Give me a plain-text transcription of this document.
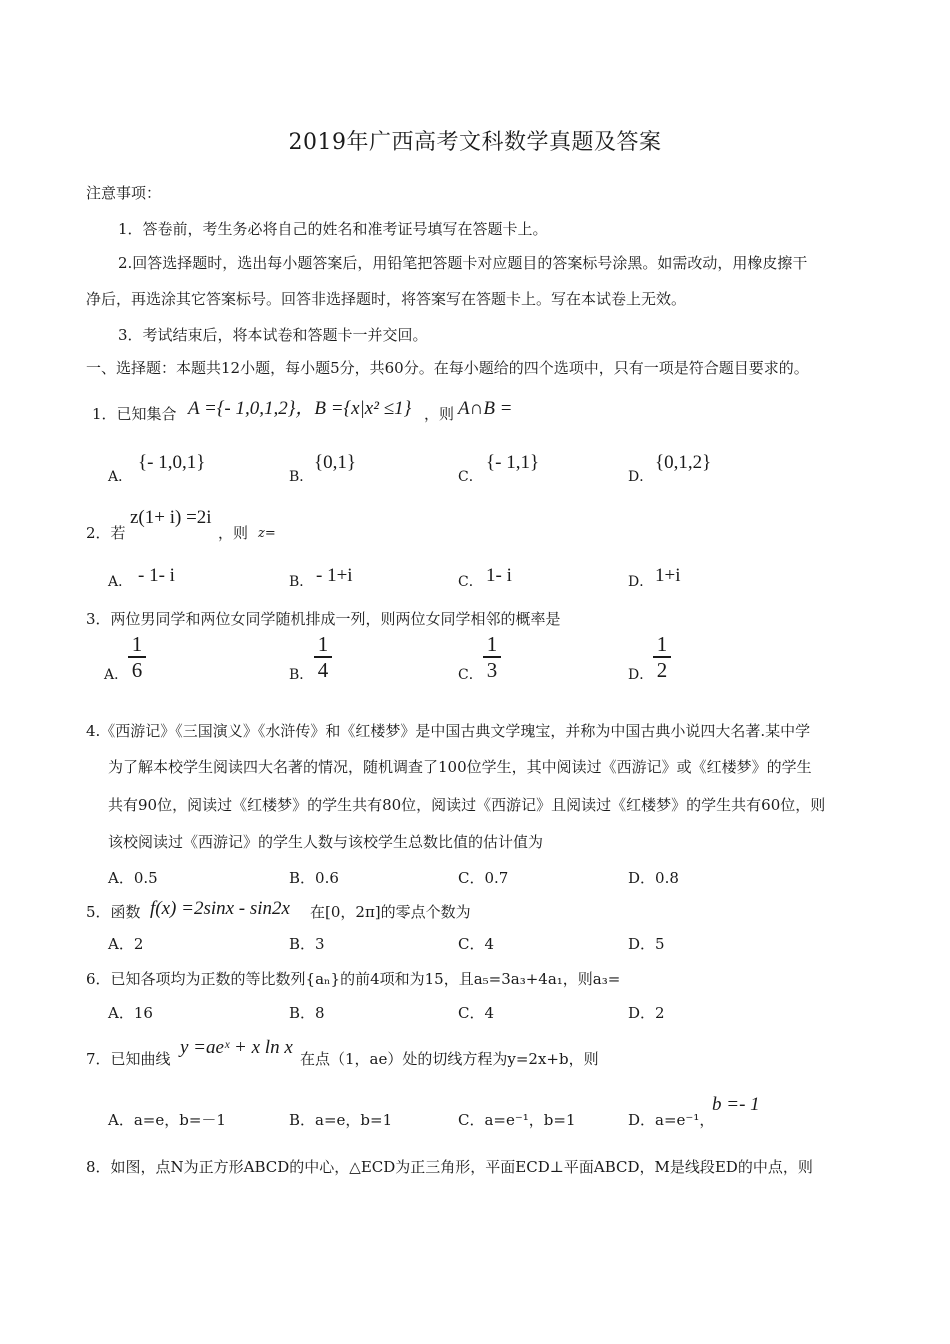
2019年广西高考文科数学真题及答案
注意事项：
1．答卷前，考生务必将自己的姓名和准考证号填写在答题卡上。
2.回答选择题时，选出每小题答案后，用铅笔把答题卡对应题目的答案标号涂黑。如需改动，用橡皮擦干
净后，再选涂其它答案标号。回答非选择题时，将答案写在答题卡上。写在本试卷上无效。
3．考试结束后，将本试卷和答题卡一并交回。
一、选择题：本题共12小题，每小题5分，共60分。在每小题给的四个选项中，只有一项是符合题目要求的。
1．已知集合 A ={- 1,0,1,2}，B ={x|x² ≤1} ，则 A∩B =
A．
{- 1,0,1}
B．
{0,1}
C．
{- 1,1}
D．
{0,1,2}
2．若
z(1+ i) =2i
，则 z=
A． - 1- i	B． - 1+i	C． 1- i	D． 1+i
3．两位男同学和两位女同学随机排成一列，则两位女同学相邻的概率是
A．
1
6	B．
1
4	C．
1
3	D．
1
2
4.《西游记》《三国演义》《水浒传》和《红楼梦》是中国古典文学瑰宝，并称为中国古典小说四大名著.某中学
为了解本校学生阅读四大名著的情况，随机调查了100位学生，其中阅读过《西游记》或《红楼梦》的学生
共有90位，阅读过《红楼梦》的学生共有80位，阅读过《西游记》且阅读过《红楼梦》的学生共有60位，则
该校阅读过《西游记》的学生人数与该校学生总数比值的估计值为
A．0.5	B．0.6	C．0.7	D．0.8
5．函数 f(x) =2sinx - sin2x 在[0，2π]的零点个数为
A．2	B．3	C．4	D．5
6．已知各项均为正数的等比数列{aₙ}的前4项和为15，且a₅=3a₃+4a₁，则a₃=
A．16	B．8	C．4	D．2
7．已知曲线
y =aeˣ + x ln x
在点（1，ae）处的切线方程为y=2x+b，则
A．a=e，b=－1	B．a=e，b=1	C．a=e⁻¹，b=1	D．a=e⁻¹，
b =- 1
8．如图，点N为正方形ABCD的中心，△ECD为正三角形，平面ECD⊥平面ABCD，M是线段ED的中点，则
